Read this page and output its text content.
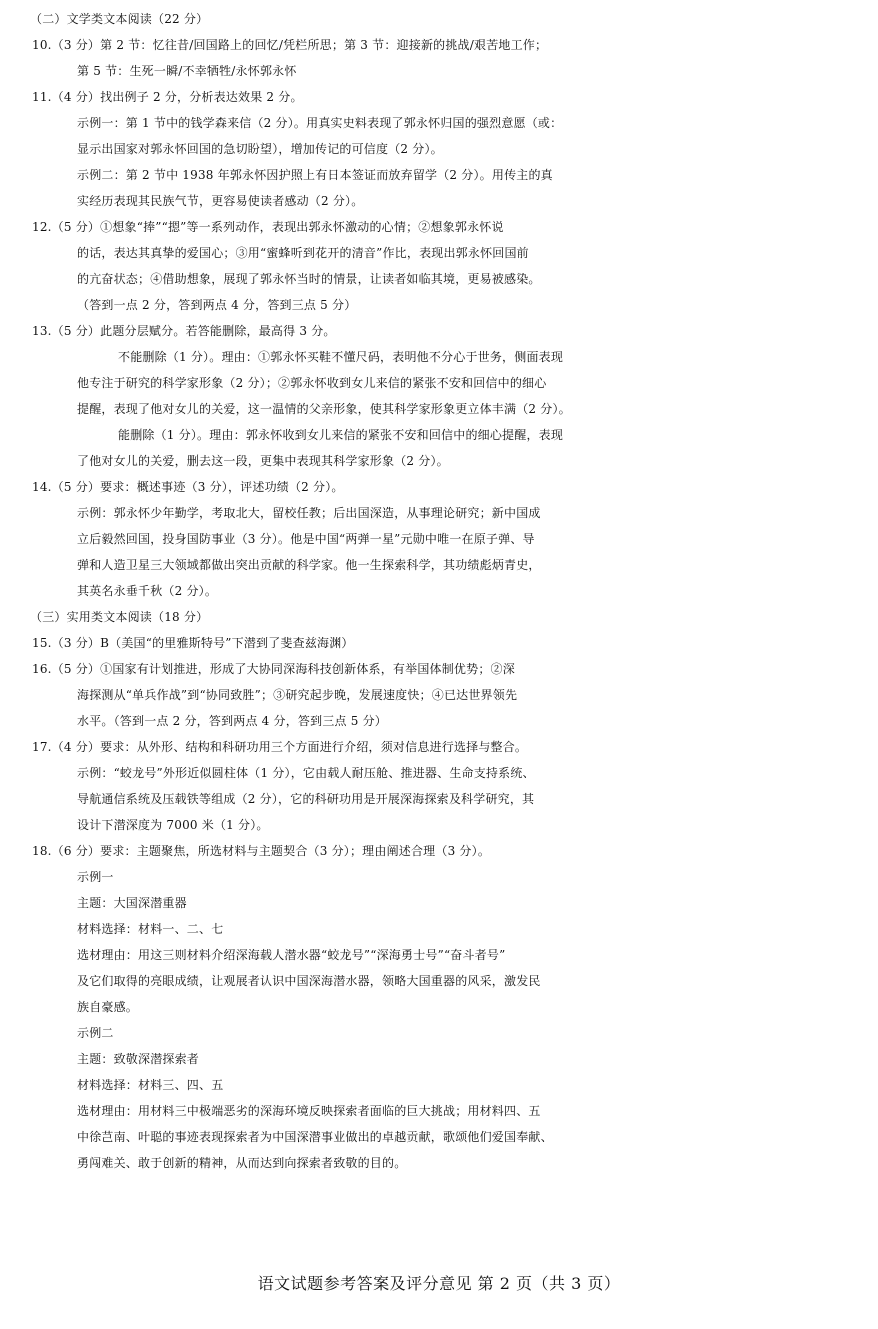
（二）文学类文本阅读（22 分）
10.（3 分）第 2 节：忆往昔/回国路上的回忆/凭栏所思；第 3 节：迎接新的挑战/艰苦地工作；
第 5 节：生死一瞬/不幸牺牲/永怀郭永怀
11.（4 分）找出例子 2 分，分析表达效果 2 分。
示例一：第 1 节中的钱学森来信（2 分）。用真实史料表现了郭永怀归国的强烈意愿（或：
显示出国家对郭永怀回国的急切盼望），增加传记的可信度（2 分）。
示例二：第 2 节中 1938 年郭永怀因护照上有日本签证而放弃留学（2 分）。用传主的真
实经历表现其民族气节，更容易使读者感动（2 分）。
12.（5 分）①想象“捧”“摁”等一系列动作，表现出郭永怀激动的心情；②想象郭永怀说
的话，表达其真挚的爱国心；③用“蜜蜂听到花开的清音”作比，表现出郭永怀回国前
的亢奋状态；④借助想象，展现了郭永怀当时的情景，让读者如临其境，更易被感染。
（答到一点 2 分，答到两点 4 分，答到三点 5 分）
13.（5 分）此题分层赋分。若答能删除，最高得 3 分。
不能删除（1 分）。理由：①郭永怀买鞋不懂尺码，表明他不分心于世务，侧面表现
他专注于研究的科学家形象（2 分）；②郭永怀收到女儿来信的紧张不安和回信中的细心
提醒，表现了他对女儿的关爱，这一温情的父亲形象，使其科学家形象更立体丰满（2 分）。
能删除（1 分）。理由：郭永怀收到女儿来信的紧张不安和回信中的细心提醒，表现
了他对女儿的关爱，删去这一段，更集中表现其科学家形象（2 分）。
14.（5 分）要求：概述事迹（3 分），评述功绩（2 分）。
示例：郭永怀少年勤学，考取北大，留校任教；后出国深造，从事理论研究；新中国成
立后毅然回国，投身国防事业（3 分）。他是中国“两弹一星”元勋中唯一在原子弹、导
弹和人造卫星三大领域都做出突出贡献的科学家。他一生探索科学，其功绩彪炳青史，
其英名永垂千秋（2 分）。
（三）实用类文本阅读（18 分）
15.（3 分）B（美国“的里雅斯特号”下潜到了斐查兹海渊）
16.（5 分）①国家有计划推进，形成了大协同深海科技创新体系，有举国体制优势；②深
海探测从“单兵作战”到“协同致胜”；③研究起步晚，发展速度快；④已达世界领先
水平。（答到一点 2 分，答到两点 4 分，答到三点 5 分）
17.（4 分）要求：从外形、结构和科研功用三个方面进行介绍，须对信息进行选择与整合。
示例：“蛟龙号”外形近似圆柱体（1 分），它由载人耐压舱、推进器、生命支持系统、
导航通信系统及压载铁等组成（2 分），它的科研功用是开展深海探索及科学研究，其
设计下潜深度为 7000 米（1 分）。
18.（6 分）要求：主题聚焦，所选材料与主题契合（3 分）；理由阐述合理（3 分）。
示例一
主题：大国深潜重器
材料选择：材料一、二、七
选材理由：用这三则材料介绍深海载人潜水器“蛟龙号”“深海勇士号”“奋斗者号”
及它们取得的亮眼成绩，让观展者认识中国深海潜水器，领略大国重器的风采，激发民
族自豪感。
示例二
主题：致敬深潜探索者
材料选择：材料三、四、五
选材理由：用材料三中极端恶劣的深海环境反映探索者面临的巨大挑战；用材料四、五
中徐芑南、叶聪的事迹表现探索者为中国深潜事业做出的卓越贡献，歌颂他们爱国奉献、
勇闯难关、敢于创新的精神，从而达到向探索者致敬的目的。
语文试题参考答案及评分意见 第 2 页（共 3 页）
